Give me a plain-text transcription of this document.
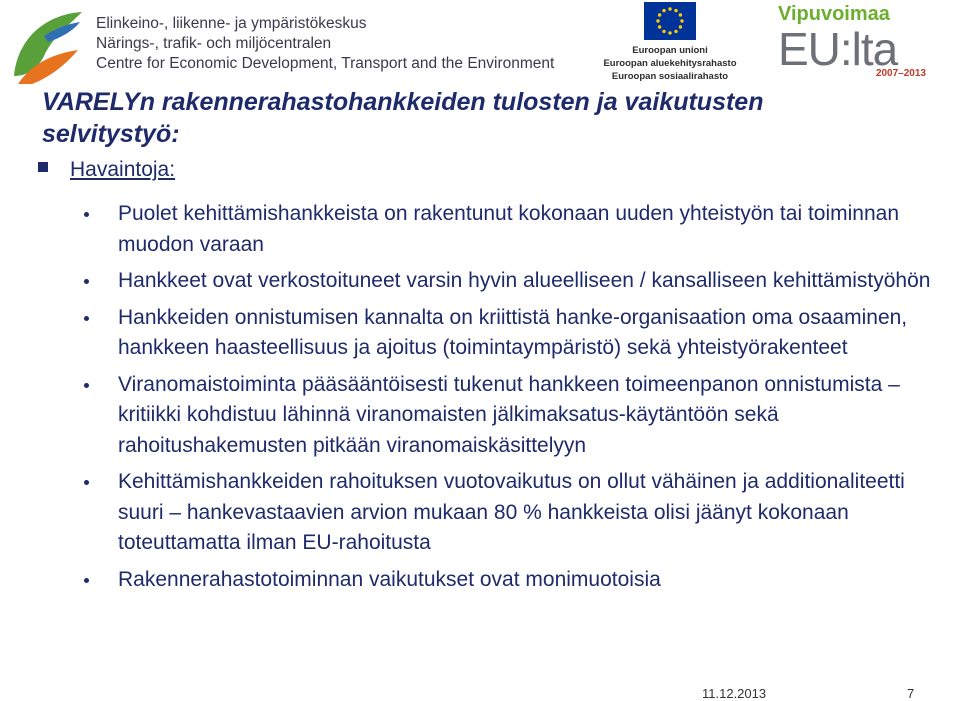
Elinkeino-, liikenne- ja ympäristökeskus
Närings-, trafik- och miljöcentralen
Centre for Economic Development, Transport and the Environment
Euroopan unioni
Euroopan aluekehitysrahasto
Euroopan sosiaalirahasto
Vipuvoimaa
EU:lta
2007–2013
VARELYn rakennerahastohankkeiden tulosten ja vaikutusten selvitystyö:
Havaintoja:
Puolet kehittämishankkeista on rakentunut kokonaan uuden yhteistyön tai toiminnan muodon varaan
Hankkeet ovat verkostoituneet varsin hyvin alueelliseen / kansalliseen kehittämistyöhön
Hankkeiden onnistumisen kannalta on kriittistä hanke-organisaation oma osaaminen, hankkeen haasteellisuus ja ajoitus (toimintaympäristö) sekä yhteistyörakenteet
Viranomaistoiminta pääsääntöisesti tukenut hankkeen toimeenpanon onnistumista – kritiikki kohdistuu lähinnä viranomaisten jälkimaksatus-käytäntöön sekä rahoitushakemusten pitkään viranomaiskäsittelyyn
Kehittämishankkeiden rahoituksen vuotovaikutus on ollut vähäinen ja additionaliteetti suuri – hankevastaavien arvion mukaan 80 % hankkeista olisi jäänyt kokonaan toteuttamatta ilman EU-rahoitusta
Rakennerahastotoiminnan vaikutukset ovat monimuotoisia
11.12.2013	7
